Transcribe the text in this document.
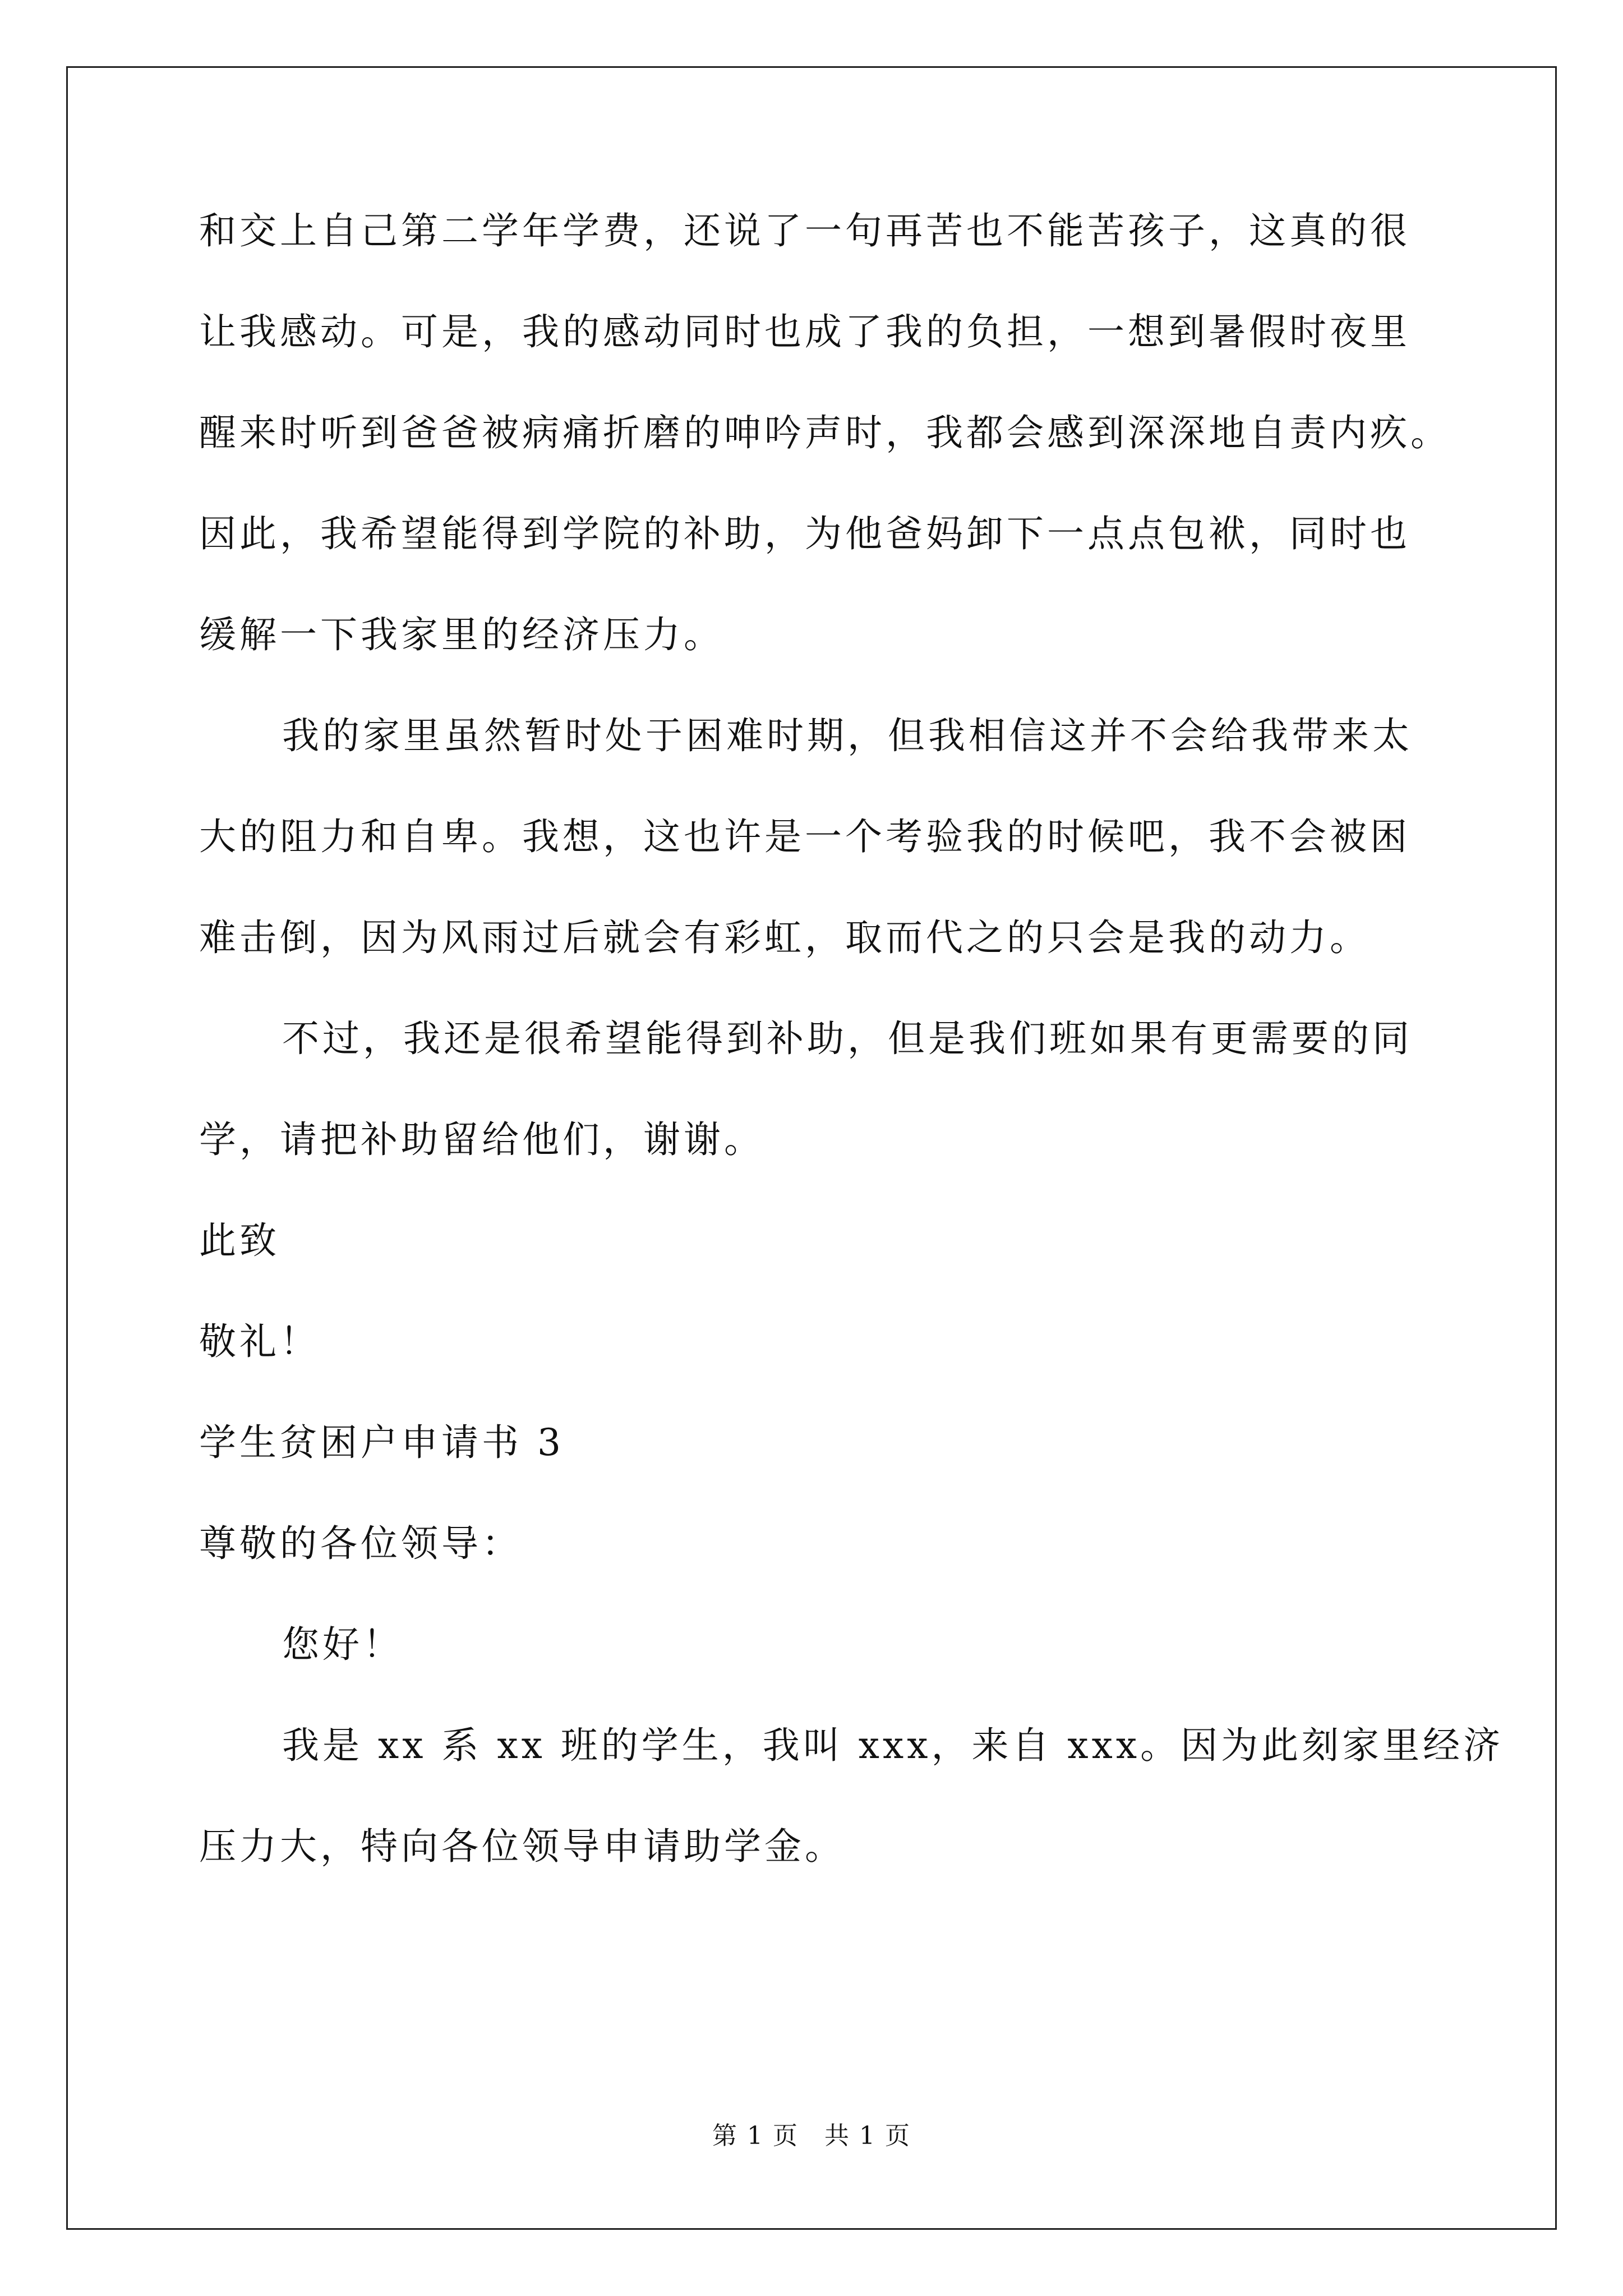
和交上自己第二学年学费，还说了一句再苦也不能苦孩子，这真的很
让我感动。可是，我的感动同时也成了我的负担，一想到暑假时夜里
醒来时听到爸爸被病痛折磨的呻吟声时，我都会感到深深地自责内疚。
因此，我希望能得到学院的补助，为他爸妈卸下一点点包袱，同时也
缓解一下我家里的经济压力。
我的家里虽然暂时处于困难时期，但我相信这并不会给我带来太
大的阻力和自卑。我想，这也许是一个考验我的时候吧，我不会被困
难击倒，因为风雨过后就会有彩虹，取而代之的只会是我的动力。
不过，我还是很希望能得到补助，但是我们班如果有更需要的同
学，请把补助留给他们，谢谢。
此致
敬礼！
学生贫困户申请书 3
尊敬的各位领导：
您好！
我是 xx 系 xx 班的学生，我叫 xxx，来自 xxx。因为此刻家里经济
压力大，特向各位领导申请助学金。
第 1 页　共 1 页
